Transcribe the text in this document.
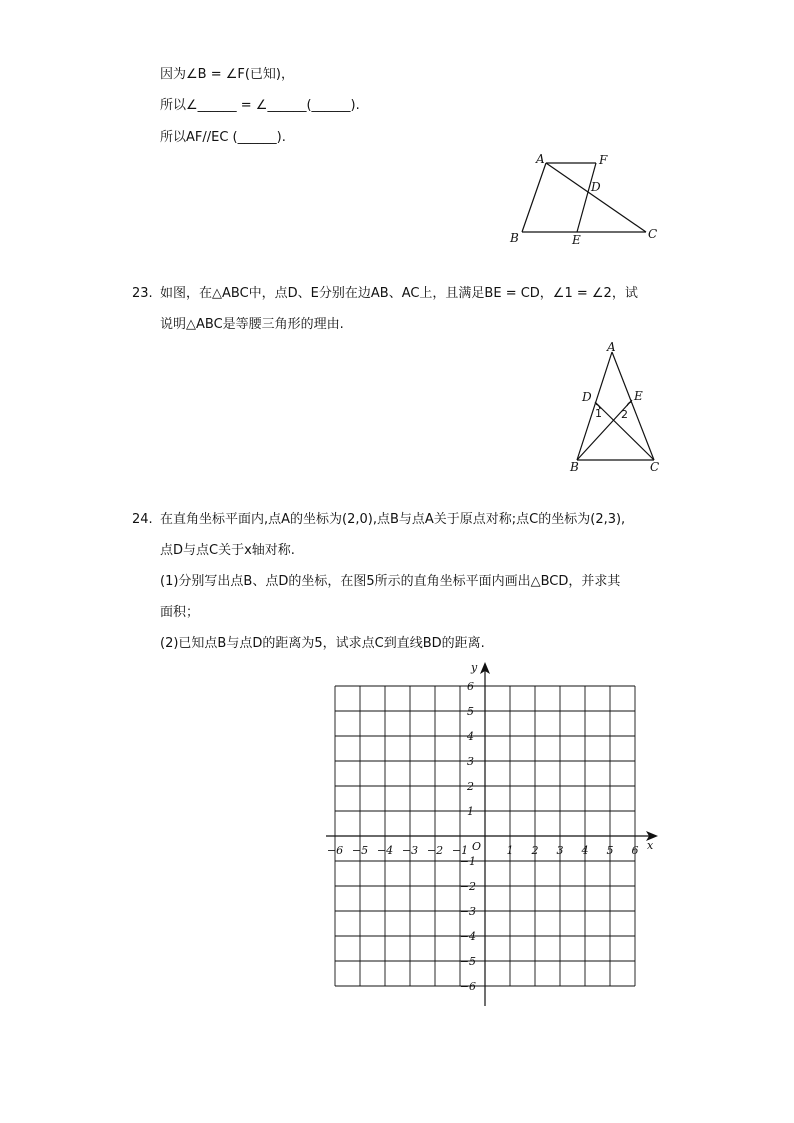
因为∠B = ∠F(已知)，
所以∠______ = ∠______(______).
所以AF//EC (______).
A	F
D
B	E	C
23. 如图，在△ABC中，点D、E分别在边AB、AC上，且满足BE = CD，∠1 = ∠2，试
说明△ABC是等腰三角形的理由.
A
D	E
1 2
B	C
24. 在直角坐标平面内,点A的坐标为(2,0),点B与点A关于原点对称;点C的坐标为(2,3),
点D与点C关于x轴对称.
(1)分别写出点B、点D的坐标，在图5所示的直角坐标平面内画出△BCD，并求其
面积；
(2)已知点B与点D的距离为5，试求点C到直线BD的距离.
x
y
O
−6 −5 −4 −3 −2 −1	1 2 3 4 5 6
6
5
4
3
2
1
−1
−2
−3
−4
−5
−6
